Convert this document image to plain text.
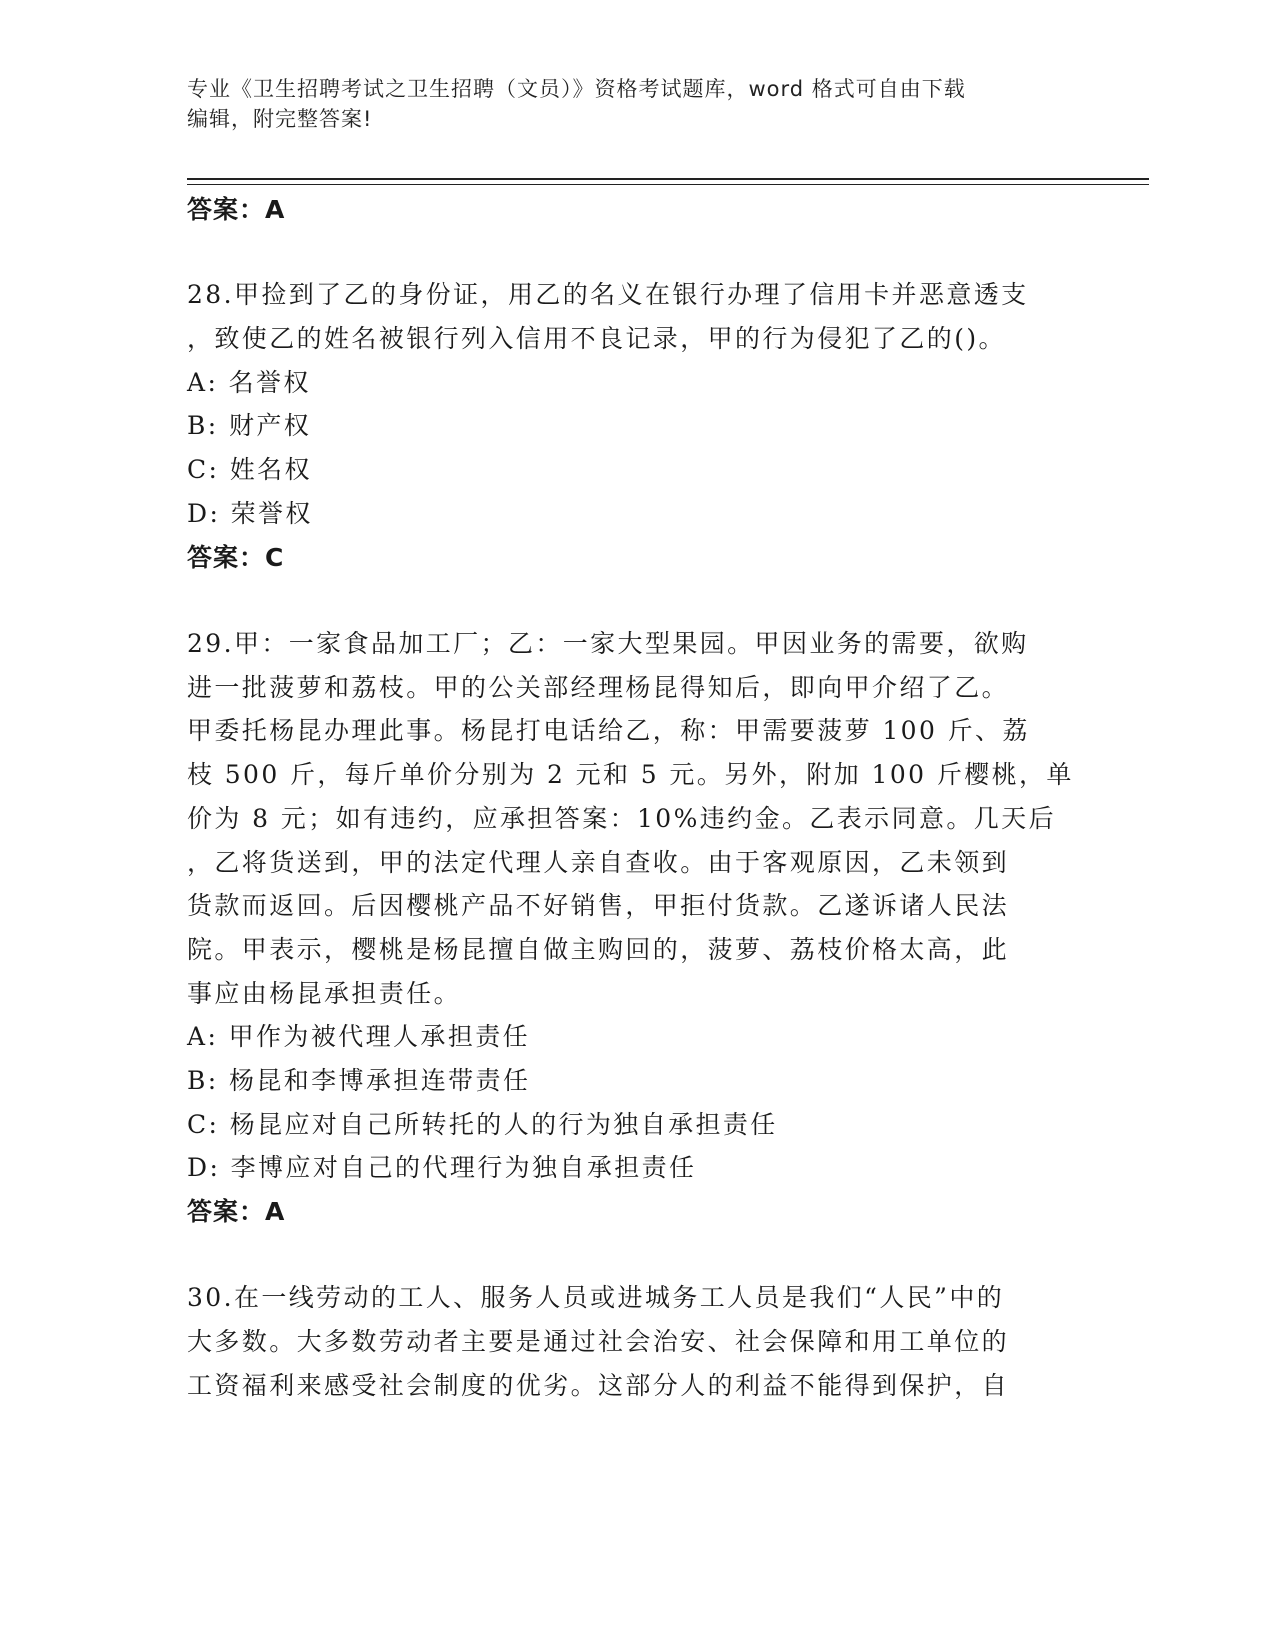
专业《卫生招聘考试之卫生招聘（文员）》资格考试题库，word 格式可自由下载
编辑，附完整答案!
答案：A
28.甲捡到了乙的身份证，用乙的名义在银行办理了信用卡并恶意透支
，致使乙的姓名被银行列入信用不良记录，甲的行为侵犯了乙的()。
A: 名誉权
B: 财产权
C: 姓名权
D: 荣誉权
答案：C
29.甲：一家食品加工厂；乙：一家大型果园。甲因业务的需要，欲购
进一批菠萝和荔枝。甲的公关部经理杨昆得知后，即向甲介绍了乙。
甲委托杨昆办理此事。杨昆打电话给乙，称：甲需要菠萝 100 斤、荔
枝 500 斤，每斤单价分别为 2 元和 5 元。另外，附加 100 斤樱桃，单
价为 8 元；如有违约，应承担答案：10%违约金。乙表示同意。几天后
，乙将货送到，甲的法定代理人亲自查收。由于客观原因，乙未领到
货款而返回。后因樱桃产品不好销售，甲拒付货款。乙遂诉诸人民法
院。甲表示，樱桃是杨昆擅自做主购回的，菠萝、荔枝价格太高，此
事应由杨昆承担责任。
A: 甲作为被代理人承担责任
B: 杨昆和李博承担连带责任
C: 杨昆应对自己所转托的人的行为独自承担责任
D: 李博应对自己的代理行为独自承担责任
答案：A
30.在一线劳动的工人、服务人员或进城务工人员是我们“人民”中的
大多数。大多数劳动者主要是通过社会治安、社会保障和用工单位的
工资福利来感受社会制度的优劣。这部分人的利益不能得到保护，自
